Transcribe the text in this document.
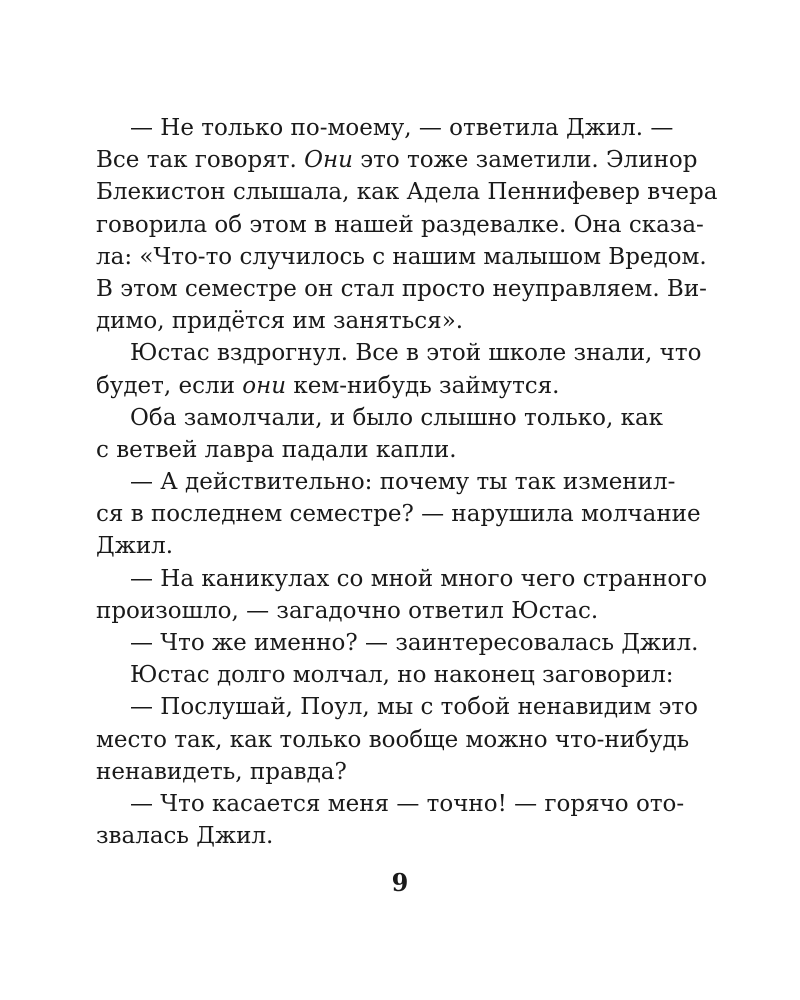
— Не только по-моему, — ответила Джил. —
Все так говорят. Они это тоже заметили. Элинор
Блекистон слышала, как Адела Пеннифевер вчера
говорила об этом в нашей раздевалке. Она сказа-
ла: «Что-то случилось с нашим малышом Вредом.
В этом семестре он стал просто неуправляем. Ви-
димо, придётся им заняться».
Юстас вздрогнул. Все в этой школе знали, что
будет, если они кем-нибудь займутся.
Оба замолчали, и было слышно только, как
с ветвей лавра падали капли.
— А действительно: почему ты так изменил-
ся в последнем семестре? — нарушила молчание
Джил.
— На каникулах со мной много чего странного
произошло, — загадочно ответил Юстас.
— Что же именно? — заинтересовалась Джил.
Юстас долго молчал, но наконец заговорил:
— Послушай, Поул, мы с тобой ненавидим это
место так, как только вообще можно что-нибудь
ненавидеть, правда?
— Что касается меня — точно! — горячо ото-
звалась Джил.
9
